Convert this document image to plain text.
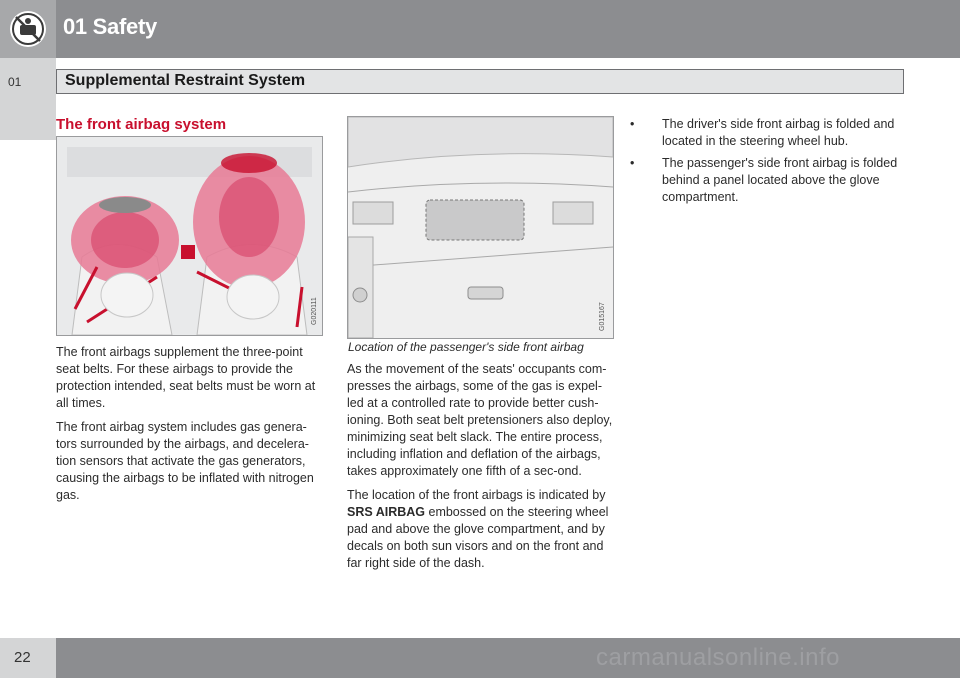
01 Safety
01	Supplemental Restraint System
The front airbag system
G020111

The front airbags supplement the three-point seat belts. For these airbags to provide the protection intended, seat belts must be worn at all times.

The front airbag system includes gas genera-tors surrounded by the airbags, and decelera-tion sensors that activate the gas generators, causing the airbags to be inflated with nitrogen gas.

G015167
Location of the passenger's side front airbag

As the movement of the seats' occupants com-presses the airbags, some of the gas is expel-led at a controlled rate to provide better cush-ioning. Both seat belt pretensioners also deploy, minimizing seat belt slack. The entire process, including inflation and deflation of the airbags, takes approximately one fifth of a sec-ond.

The location of the front airbags is indicated by SRS AIRBAG embossed on the steering wheel pad and above the glove compartment, and by decals on both sun visors and on the front and far right side of the dash.

• The driver's side front airbag is folded and located in the steering wheel hub.
• The passenger's side front airbag is folded behind a panel located above the glove compartment.
22	carmanualsonline.info
